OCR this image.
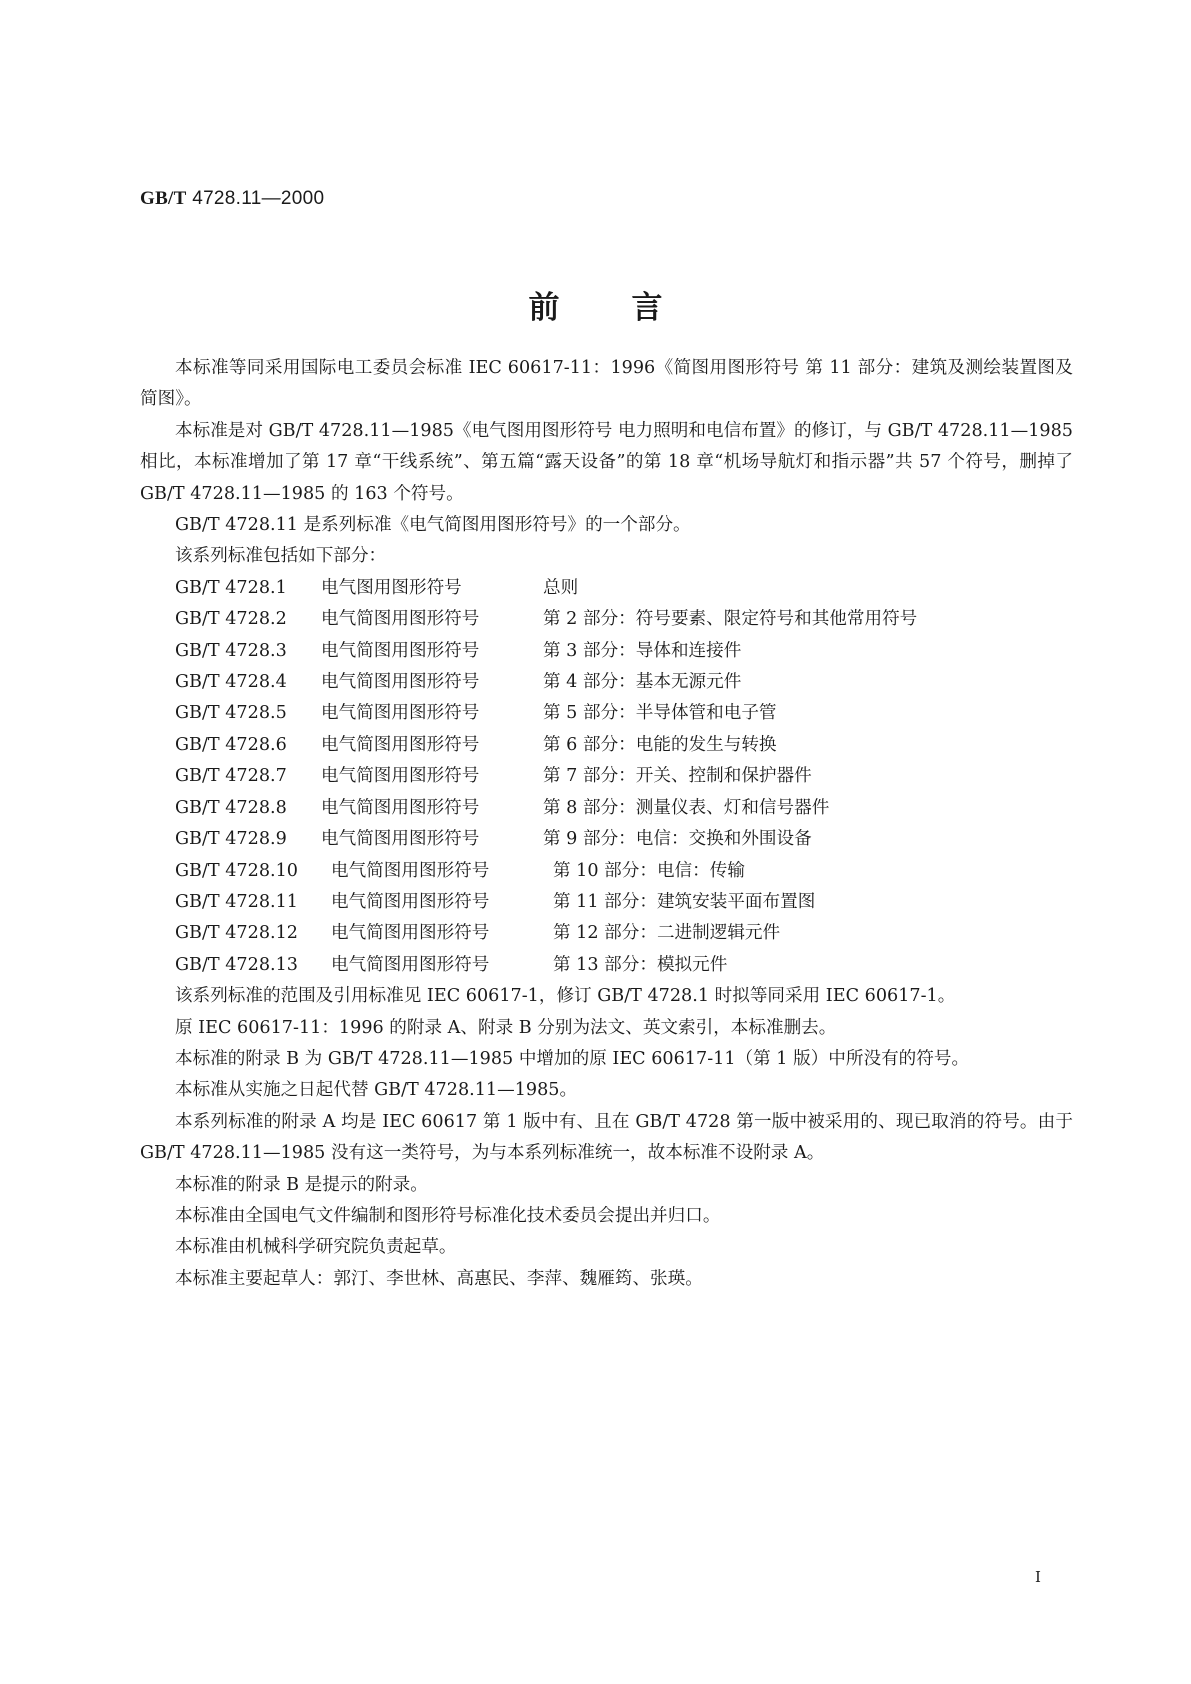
GB/T 4728.11—2000
前言

本标准等同采用国际电工委员会标准 IEC 60617-11：1996《简图用图形符号 第 11 部分：建筑及测绘装置图及简图》。

本标准是对 GB/T 4728.11—1985《电气图用图形符号 电力照明和电信布置》的修订，与 GB/T 4728.11—1985 相比，本标准增加了第 17 章“干线系统”、第五篇“露天设备”的第 18 章“机场导航灯和指示器”共 57 个符号，删掉了 GB/T 4728.11—1985 的 163 个符号。

GB/T 4728.11 是系列标准《电气简图用图形符号》的一个部分。

该系列标准包括如下部分：

GB/T 4728.1	电气图用图形符号	总则
GB/T 4728.2	电气简图用图形符号	第 2 部分：符号要素、限定符号和其他常用符号
GB/T 4728.3	电气简图用图形符号	第 3 部分：导体和连接件
GB/T 4728.4	电气简图用图形符号	第 4 部分：基本无源元件
GB/T 4728.5	电气简图用图形符号	第 5 部分：半导体管和电子管
GB/T 4728.6	电气简图用图形符号	第 6 部分：电能的发生与转换
GB/T 4728.7	电气简图用图形符号	第 7 部分：开关、控制和保护器件
GB/T 4728.8	电气简图用图形符号	第 8 部分：测量仪表、灯和信号器件
GB/T 4728.9	电气简图用图形符号	第 9 部分：电信：交换和外围设备
GB/T 4728.10	电气简图用图形符号	第 10 部分：电信：传输
GB/T 4728.11	电气简图用图形符号	第 11 部分：建筑安装平面布置图
GB/T 4728.12	电气简图用图形符号	第 12 部分：二进制逻辑元件
GB/T 4728.13	电气简图用图形符号	第 13 部分：模拟元件

该系列标准的范围及引用标准见 IEC 60617-1，修订 GB/T 4728.1 时拟等同采用 IEC 60617-1。

原 IEC 60617-11：1996 的附录 A、附录 B 分别为法文、英文索引，本标准删去。

本标准的附录 B 为 GB/T 4728.11—1985 中增加的原 IEC 60617-11（第 1 版）中所没有的符号。

本标准从实施之日起代替 GB/T 4728.11—1985。

本系列标准的附录 A 均是 IEC 60617 第 1 版中有、且在 GB/T 4728 第一版中被采用的、现已取消的符号。由于 GB/T 4728.11—1985 没有这一类符号，为与本系列标准统一，故本标准不设附录 A。

本标准的附录 B 是提示的附录。

本标准由全国电气文件编制和图形符号标准化技术委员会提出并归口。

本标准由机械科学研究院负责起草。

本标准主要起草人：郭汀、李世林、高惠民、李萍、魏雁筠、张瑛。

I
